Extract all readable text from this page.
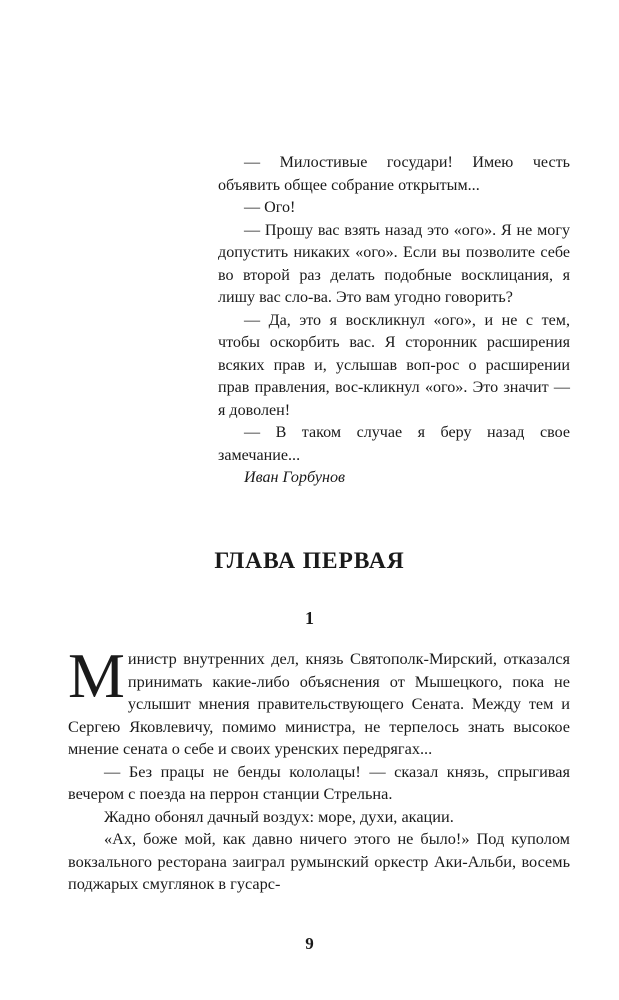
— Милостивые государи! Имею честь объявить общее собрание открытым...

— Ого!

— Прошу вас взять назад это «ого». Я не могу допустить никаких «ого». Если вы позволите себе во второй раз делать подобные восклицания, я лишу вас сло-ва. Это вам угодно говорить?

— Да, это я воскликнул «ого», и не с тем, чтобы оскорбить вас. Я сторонник расширения всяких прав и, услышав воп-рос о расширении прав правления, вос-кликнул «ого». Это значит — я доволен!

— В таком случае я беру назад свое замечание...

Иван Горбунов

ГЛАВА ПЕРВАЯ
1

Министр внутренних дел, князь Святополк-Мирский, отказался принимать какие-либо объяснения от Мышецкого, пока не услышит мнения правительствующего Сената. Между тем и Сергею Яковлевичу, помимо министра, не терпелось знать высокое мнение сената о себе и своих уренских передрягах...

— Без працы не бенды кололацы! — сказал князь, спрыгивая вечером с поезда на перрон станции Стрельна.

Жадно обонял дачный воздух: море, духи, акации.

«Ах, боже мой, как давно ничего этого не было!» Под куполом вокзального ресторана заиграл румынский оркестр Аки-Альби, восемь поджарых смуглянок в гусарс-

9
